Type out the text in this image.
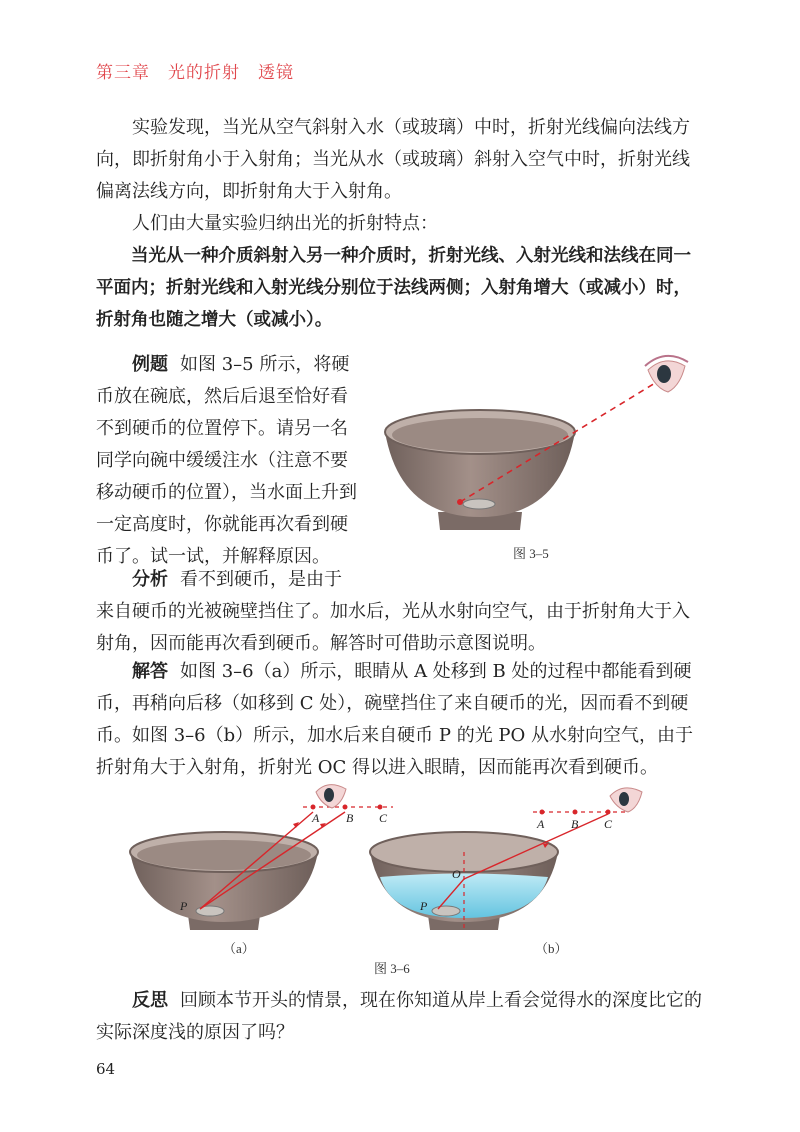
第三章　光的折射　透镜

实验发现，当光从空气斜射入水（或玻璃）中时，折射光线偏向法线方向，即折射角小于入射角；当光从水（或玻璃）斜射入空气中时，折射光线偏离法线方向，即折射角大于入射角。

人们由大量实验归纳出光的折射特点：

当光从一种介质斜射入另一种介质时，折射光线、入射光线和法线在同一平面内；折射光线和入射光线分别位于法线两侧；入射角增大（或减小）时，折射角也随之增大（或减小）。

例题 如图 3–5 所示，将硬币放在碗底，然后后退至恰好看不到硬币的位置停下。请另一名同学向碗中缓缓注水（注意不要移动硬币的位置），当水面上升到一定高度时，你就能再次看到硬币了。试一试，并解释原因。	图 3–5

分析 看不到硬币，是由于

来自硬币的光被碗壁挡住了。加水后，光从水射向空气，由于折射角大于入射角，因而能再次看到硬币。解答时可借助示意图说明。

解答 如图 3–6（a）所示，眼睛从 A 处移到 B 处的过程中都能看到硬币，再稍向后移（如移到 C 处），碗壁挡住了来自硬币的光，因而看不到硬币。如图 3–6（b）所示，加水后来自硬币 P 的光 PO 从水射向空气，由于折射角大于入射角，折射光 OC 得以进入眼睛，因而能再次看到硬币。

A B C
P
A B C
O
P
（a）	（b）
图 3–6

反思 回顾本节开头的情景，现在你知道从岸上看会觉得水的深度比它的实际深度浅的原因了吗？

64
